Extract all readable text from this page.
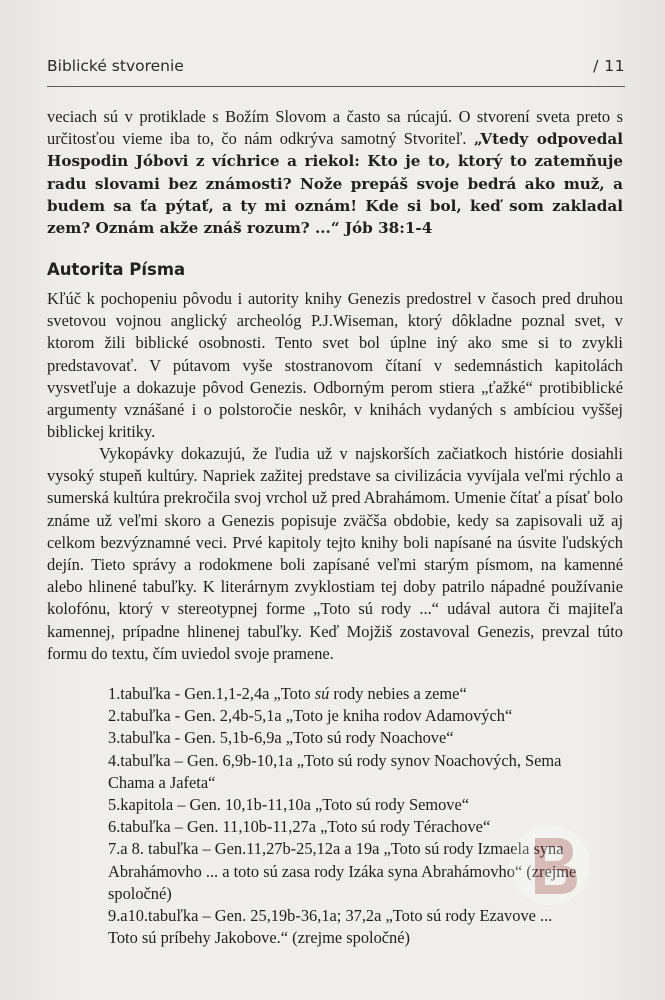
Biblické stvorenie	/ 11
veciach sú v protiklade s Božím Slovom a často sa rúcajú. O stvorení sveta preto s určitosťou vieme iba to, čo nám odkrýva samotný Stvoriteľ. „Vtedy odpovedal Hospodin Jóbovi z víchrice a riekol: Kto je to, ktorý to zatemňuje radu slovami bez známosti? Nože prepáš svoje bedrá ako muž, a budem sa ťa pýtať, a ty mi oznám! Kde si bol, keď som zakladal zem? Oznám akže znáš rozum? ...“ Jób 38:1-4
Autorita Písma
Kľúč k pochopeniu pôvodu i autority knihy Genezis predostrel v časoch pred druhou svetovou vojnou anglický archeológ P.J.Wiseman, ktorý dôkladne poznal svet, v ktorom žili biblické osobnosti. Tento svet bol úplne iný ako sme si to zvykli predstavovať. V pútavom vyše stostranovom čítaní v sedemnástich kapitolách vysvetľuje a dokazuje pôvod Genezis. Odborným perom stiera „ťažké“ protibiblické argumenty vznášané i o polstoročie neskôr, v knihách vydaných s ambíciou vyššej biblickej kritiky.
Vykopávky dokazujú, že ľudia už v najskorších začiatkoch histórie dosiahli vysoký stupeň kultúry. Napriek zažitej predstave sa civilizácia vyvíjala veľmi rýchlo a sumerská kultúra prekročila svoj vrchol už pred Abrahámom. Umenie čítať a písať bolo známe už veľmi skoro a Genezis popisuje zväčša obdobie, kedy sa zapisovali už aj celkom bezvýznamné veci. Prvé kapitoly tejto knihy boli napísané na úsvite ľudských dejín. Tieto správy a rodokmene boli zapísané veľmi starým písmom, na kamenné alebo hlinené tabuľky. K literárnym zvyklostiam tej doby patrilo nápadné používanie kolofónu, ktorý v stereotypnej forme „Toto sú rody ...“ udával autora či majiteľa kamennej, prípadne hlinenej tabuľky. Keď Mojžiš zostavoval Genezis, prevzal túto formu do textu, čím uviedol svoje pramene.
1.tabuľka - Gen.1,1-2,4a „Toto sú rody nebies a zeme“
2.tabuľka - Gen. 2,4b-5,1a „Toto je kniha rodov Adamových“
3.tabuľka - Gen. 5,1b-6,9a „Toto sú rody Noachove“
4.tabuľka – Gen. 6,9b-10,1a „Toto sú rody synov Noachových, Sema
Chama a Jafeta“
5.kapitola – Gen. 10,1b-11,10a „Toto sú rody Semove“
6.tabuľka – Gen. 11,10b-11,27a „Toto sú rody Térachove“
7.a 8. tabuľka – Gen.11,27b-25,12a a 19a „Toto sú rody Izmaela syna
Abrahámovho ... a toto sú zasa rody Izáka syna Abrahámovho“ (zrejme spoločné)
9.a10.tabuľka – Gen. 25,19b-36,1a; 37,2a „Toto sú rody Ezavove ...
Toto sú príbehy Jakobove.“ (zrejme spoločné)
